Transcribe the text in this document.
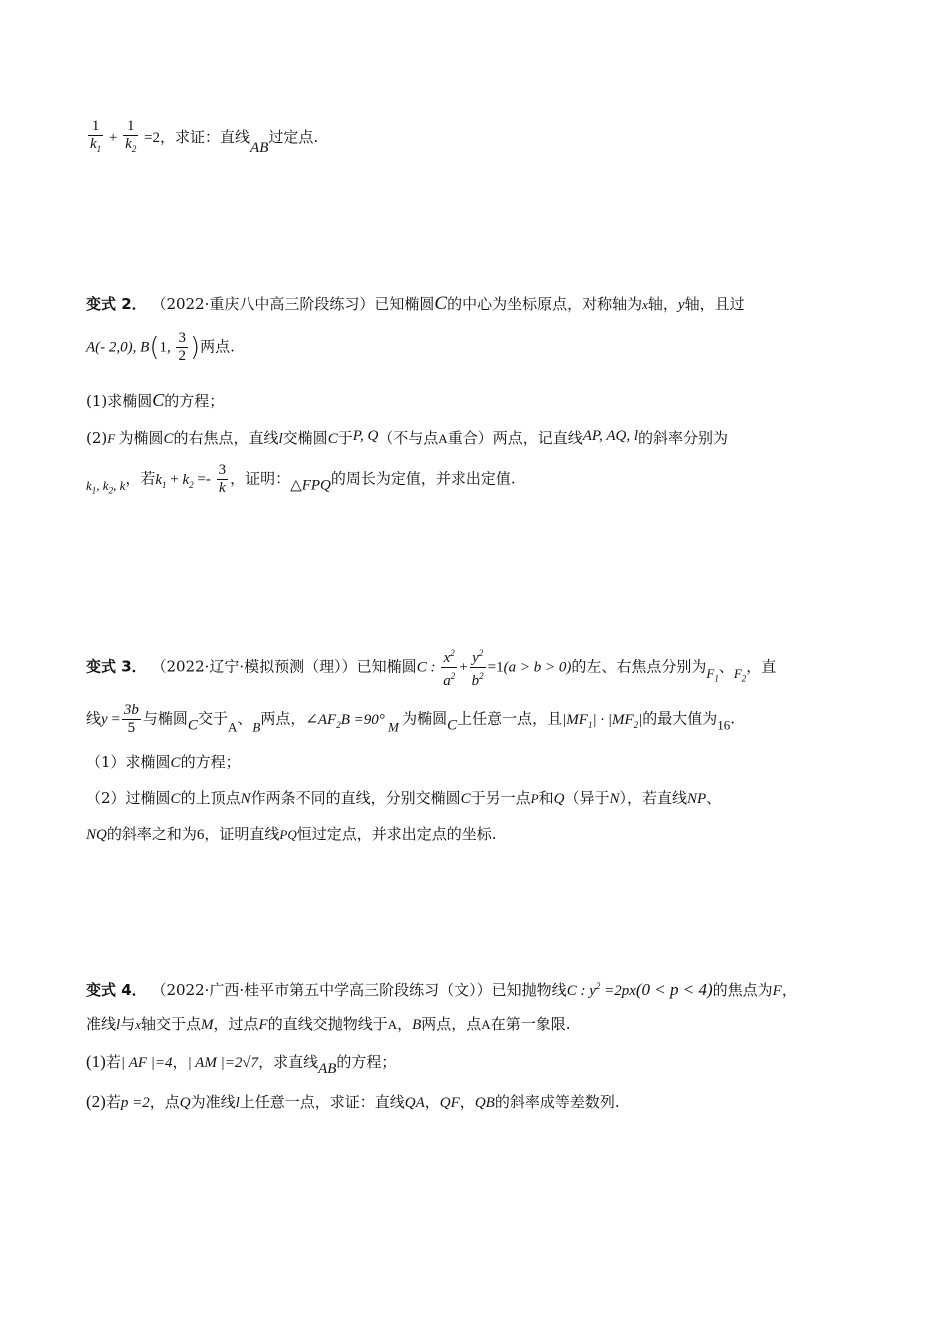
$\frac{1}{k_1} + \frac{1}{k_2} =2$，求证：直线AB过定点.
变式 2． （2022·重庆八中高三阶段练习）已知椭圆C的中心为坐标原点，对称轴为x轴，y轴，且过
A(- 2,0), B(1, $\frac{3}{2}$ )两点.
(1)求椭圆C的方程；
(2)F 为椭圆C的右焦点，直线l交椭圆C于P, Q（不与点A重合）两点，记直线AP, AQ, l的斜率分别为
$k_1$, $k_2$, k，若$k_1 + k_2 =- \frac{3}{k}$ ，证明：△FPQ的周长为定值，并求出定值.
变式 3． （2022·辽宁·模拟预测（理））已知椭圆C : $\frac{x^2}{a^2} + \frac{y^2}{b^2} =1(a > b > 0)$的左、右焦点分别为$F_1$、$F_2$，直
线$y = \frac{3b}{5}$ 与椭圆C交于A、B两点，$\angle AF_2B =90^\circ$ M 为椭圆C上任意一点，且$|MF_1| \cdot |MF_2|$的最大值为16.
（1）求椭圆C的方程；
（2）过椭圆C的上顶点N作两条不同的直线，分别交椭圆C于另一点P和Q（异于N），若直线NP、
NQ的斜率之和为6，证明直线PQ恒过定点，并求出定点的坐标.
变式 4． （2022·广西·桂平市第五中学高三阶段练习（文））已知抛物线C : $y^2 =2px(0 < p < 4)$的焦点为F，
准线l与x轴交于点M，过点F的直线交抛物线于A，B两点，点A在第一象限.
(1)若| AF |=4，| AM |=2√7，求直线AB的方程；
(2)若p =2，点Q为准线l上任意一点，求证：直线QA，QF，QB的斜率成等差数列.
